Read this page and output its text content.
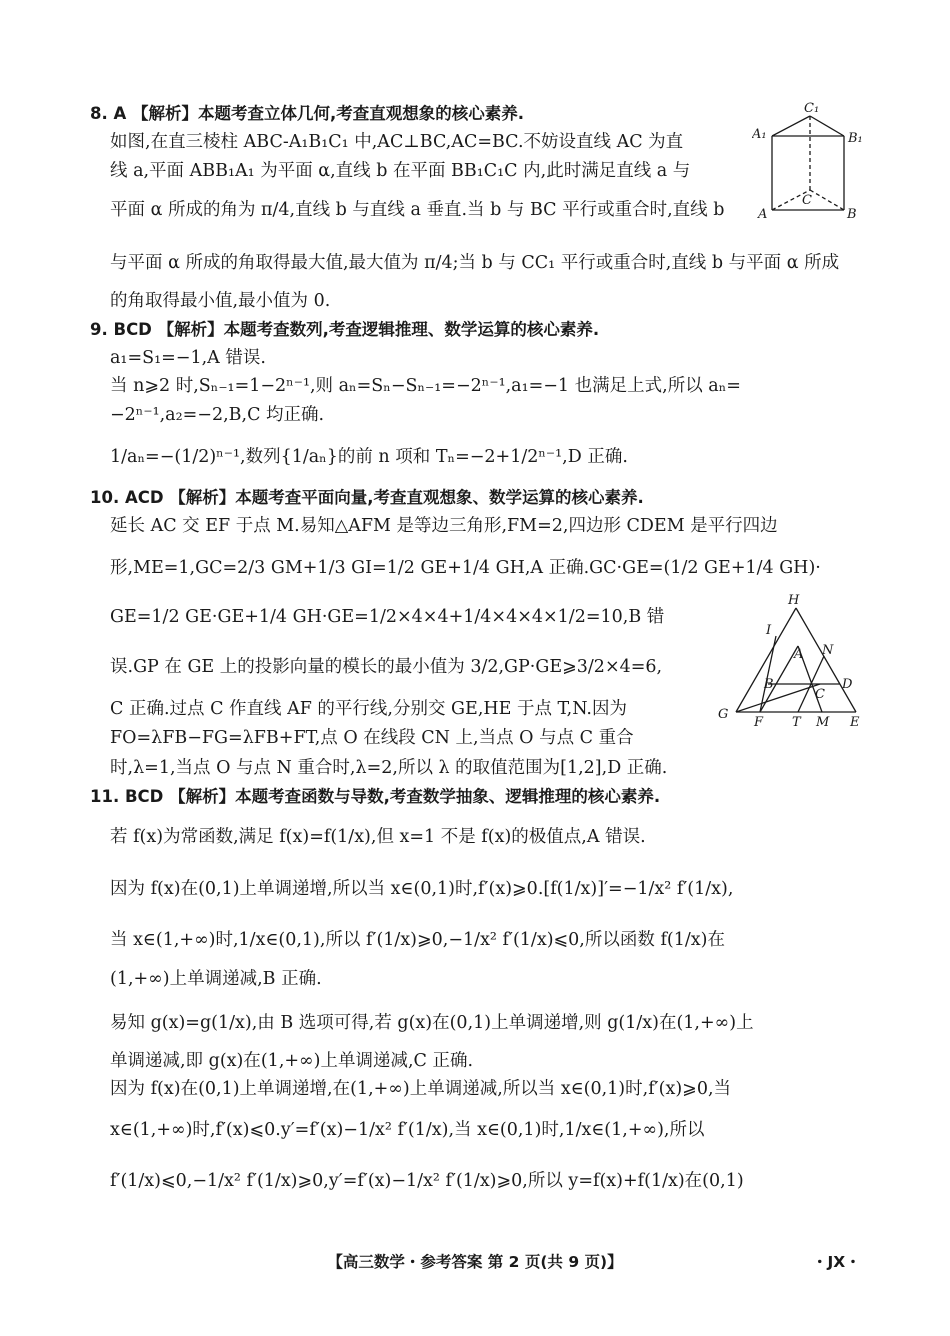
8. A 【解析】本题考查立体几何,考查直观想象的核心素养.
如图,在直三棱柱 ABC-A₁B₁C₁ 中,AC⊥BC,AC=BC.不妨设直线 AC 为直
线 a,平面 ABB₁A₁ 为平面 α,直线 b 在平面 BB₁C₁C 内,此时满足直线 a 与
平面 α 所成的角为 π/4,直线 b 与直线 a 垂直.当 b 与 BC 平行或重合时,直线 b
与平面 α 所成的角取得最大值,最大值为 π/4;当 b 与 CC₁ 平行或重合时,直线 b 与平面 α 所成
的角取得最小值,最小值为 0.
C₁
A₁	B₁
C
A	B
9. BCD 【解析】本题考查数列,考查逻辑推理、数学运算的核心素养.
a₁=S₁=−1,A 错误.
当 n⩾2 时,Sₙ₋₁=1−2ⁿ⁻¹,则 aₙ=Sₙ−Sₙ₋₁=−2ⁿ⁻¹,a₁=−1 也满足上式,所以 aₙ=
−2ⁿ⁻¹,a₂=−2,B,C 均正确.
1/aₙ=−(1/2)ⁿ⁻¹,数列{1/aₙ}的前 n 项和 Tₙ=−2+1/2ⁿ⁻¹,D 正确.
10. ACD 【解析】本题考查平面向量,考查直观想象、数学运算的核心素养.
延长 AC 交 EF 于点 M.易知△AFM 是等边三角形,FM=2,四边形 CDEM 是平行四边
形,ME=1,GC=2/3 GM+1/3 GI=1/2 GE+1/4 GH,A 正确.GC·GE=(1/2 GE+1/4 GH)·
GE=1/2 GE·GE+1/4 GH·GE=1/2×4×4+1/4×4×4×1/2=10,B 错
误.GP 在 GE 上的投影向量的模长的最小值为 3/2,GP·GE⩾3/2×4=6,
C 正确.过点 C 作直线 AF 的平行线,分别交 GE,HE 于点 T,N.因为
FO=λFB−FG=λFB+FT,点 O 在线段 CN 上,当点 O 与点 C 重合
时,λ=1,当点 O 与点 N 重合时,λ=2,所以 λ 的取值范围为[1,2],D 正确.
H
I
A N
B
C
D
G
F T M E
11. BCD 【解析】本题考查函数与导数,考查数学抽象、逻辑推理的核心素养.
若 f(x)为常函数,满足 f(x)=f(1/x),但 x=1 不是 f(x)的极值点,A 错误.
因为 f(x)在(0,1)上单调递增,所以当 x∈(0,1)时,f′(x)⩾0.[f(1/x)]′=−1/x² f′(1/x),
当 x∈(1,+∞)时,1/x∈(0,1),所以 f′(1/x)⩾0,−1/x² f′(1/x)⩽0,所以函数 f(1/x)在
(1,+∞)上单调递减,B 正确.
易知 g(x)=g(1/x),由 B 选项可得,若 g(x)在(0,1)上单调递增,则 g(1/x)在(1,+∞)上
单调递减,即 g(x)在(1,+∞)上单调递减,C 正确.
因为 f(x)在(0,1)上单调递增,在(1,+∞)上单调递减,所以当 x∈(0,1)时,f′(x)⩾0,当
x∈(1,+∞)时,f′(x)⩽0.y′=f′(x)−1/x² f′(1/x),当 x∈(0,1)时,1/x∈(1,+∞),所以
f′(1/x)⩽0,−1/x² f′(1/x)⩾0,y′=f′(x)−1/x² f′(1/x)⩾0,所以 y=f(x)+f(1/x)在(0,1)
【高三数学・参考答案 第 2 页(共 9 页)】	・JX・
